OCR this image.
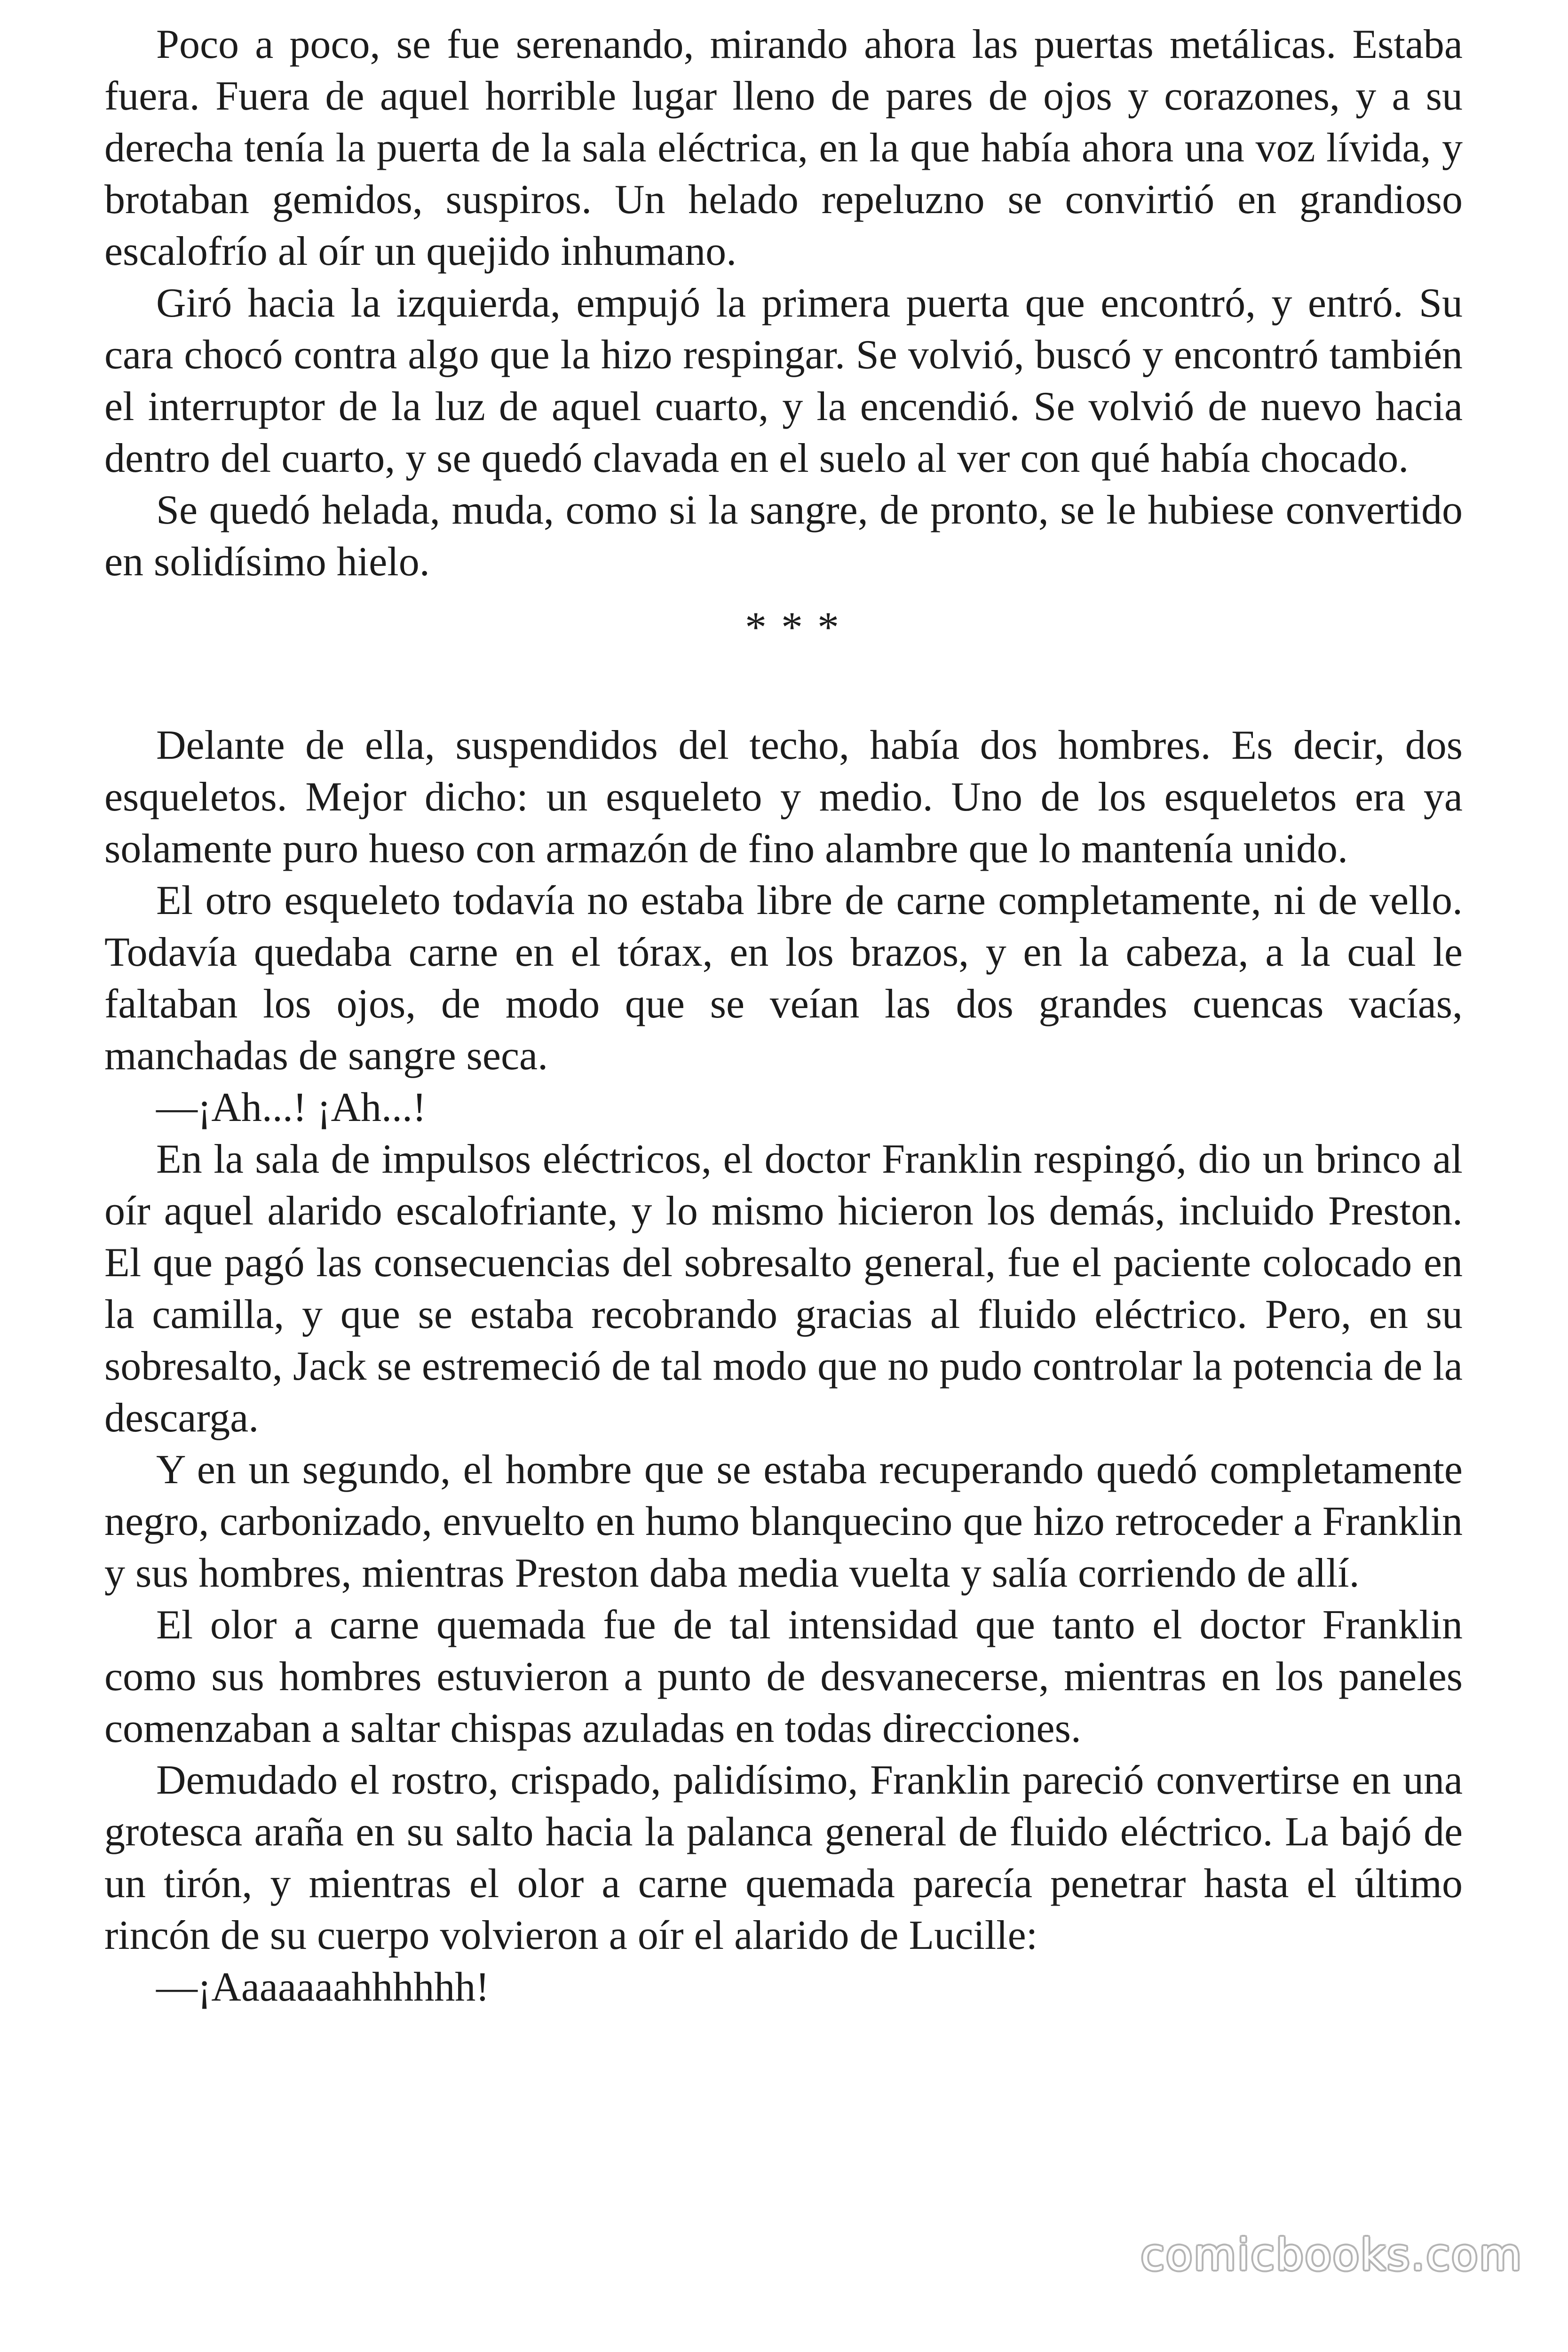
Poco a poco, se fue serenando, mirando ahora las puertas metálicas. Estaba fuera. Fuera de aquel horrible lugar lleno de pares de ojos y corazones, y a su derecha tenía la puerta de la sala eléctrica, en la que había ahora una voz lívida, y brotaban gemidos, suspiros. Un helado repeluzno se convirtió en grandioso escalofrío al oír un quejido inhumano.

Giró hacia la izquierda, empujó la primera puerta que encontró, y entró. Su cara chocó contra algo que la hizo respingar. Se volvió, buscó y encontró también el interruptor de la luz de aquel cuarto, y la encendió. Se volvió de nuevo hacia dentro del cuarto, y se quedó clavada en el suelo al ver con qué había chocado.

Se quedó helada, muda, como si la sangre, de pronto, se le hubiese convertido en solidísimo hielo.

* * *

Delante de ella, suspendidos del techo, había dos hombres. Es decir, dos esqueletos. Mejor dicho: un esqueleto y medio. Uno de los esqueletos era ya solamente puro hueso con armazón de fino alambre que lo mantenía unido.

El otro esqueleto todavía no estaba libre de carne completamente, ni de vello. Todavía quedaba carne en el tórax, en los brazos, y en la cabeza, a la cual le faltaban los ojos, de modo que se veían las dos grandes cuencas vacías, manchadas de sangre seca.

—¡Ah...! ¡Ah...!

En la sala de impulsos eléctricos, el doctor Franklin respingó, dio un brinco al oír aquel alarido escalofriante, y lo mismo hicieron los demás, incluido Preston. El que pagó las consecuencias del sobresalto general, fue el paciente colocado en la camilla, y que se estaba recobrando gracias al fluido eléctrico. Pero, en su sobresalto, Jack se estremeció de tal modo que no pudo controlar la potencia de la descarga.

Y en un segundo, el hombre que se estaba recuperando quedó completamente negro, carbonizado, envuelto en humo blanquecino que hizo retroceder a Franklin y sus hombres, mientras Preston daba media vuelta y salía corriendo de allí.

El olor a carne quemada fue de tal intensidad que tanto el doctor Franklin como sus hombres estuvieron a punto de desvanecerse, mientras en los paneles comenzaban a saltar chispas azuladas en todas direcciones.

Demudado el rostro, crispado, palidísimo, Franklin pareció convertirse en una grotesca araña en su salto hacia la palanca general de fluido eléctrico. La bajó de un tirón, y mientras el olor a carne quemada parecía penetrar hasta el último rincón de su cuerpo volvieron a oír el alarido de Lucille:

—¡Aaaaaaahhhhhh!

comicbooks.com
